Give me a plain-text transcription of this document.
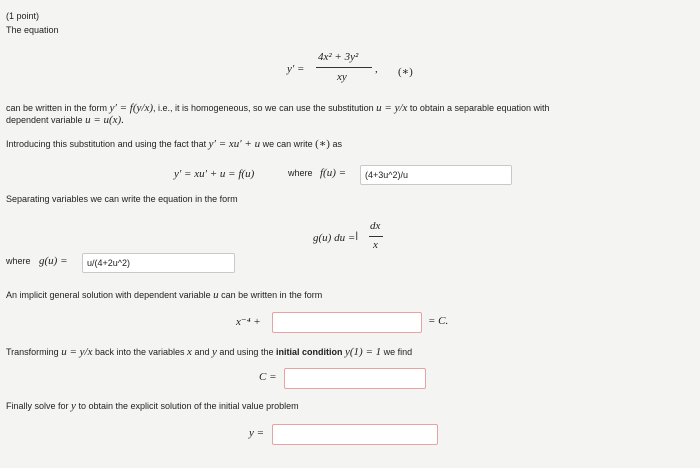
(1 point)
The equation
y′ =
4x² + 3y²
xy
, (∗)
can be written in the form y′ = f(y/x), i.e., it is homogeneous, so we can use the substitution u = y/x to obtain a separable equation with
dependent variable u = u(x).
Introducing this substitution and using the fact that y′ = xu′ + u we can write (∗) as
y′ = xu′ + u = f(u)	where f(u) =	(4+3u^2)/u
Separating variables we can write the equation in the form
g(u) du = I
dx
x
where g(u) =	u/(4+2u^2)
An implicit general solution with dependent variable u can be written in the form
x⁻⁴ +	= C.
Transforming u = y/x back into the variables x and y and using the initial condition y(1) = 1 we find
C =
Finally solve for y to obtain the explicit solution of the initial value problem
y =
